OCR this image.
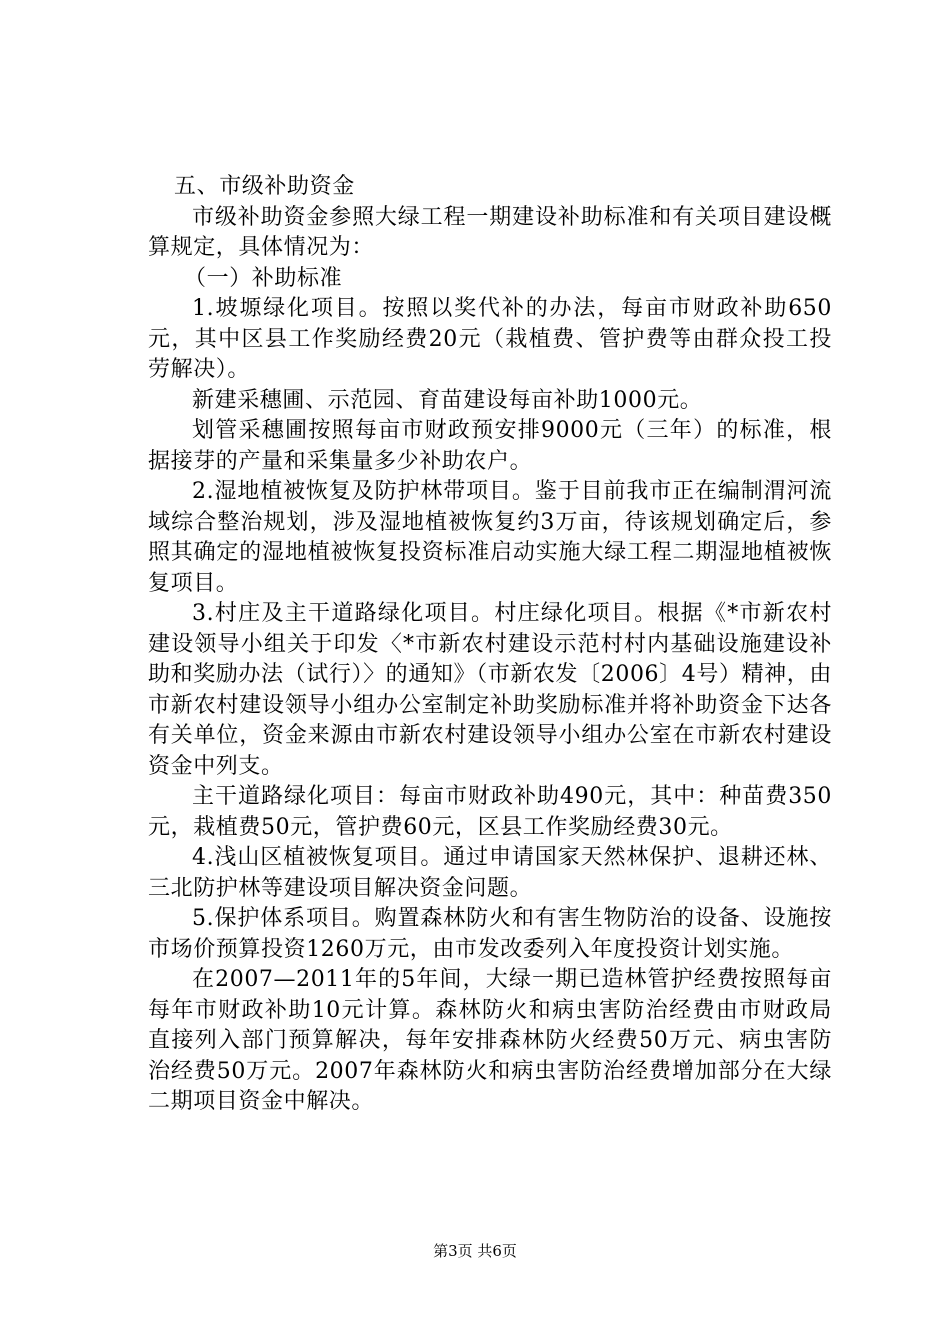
五、市级补助资金

市级补助资金参照大绿工程一期建设补助标准和有关项目建设概算规定，具体情况为：

（一）补助标准

1.坡塬绿化项目。按照以奖代补的办法，每亩市财政补助650元，其中区县工作奖励经费20元（栽植费、管护费等由群众投工投劳解决）。

新建采穗圃、示范园、育苗建设每亩补助1000元。

划管采穗圃按照每亩市财政预安排9000元（三年）的标准，根据接芽的产量和采集量多少补助农户。

2.湿地植被恢复及防护林带项目。鉴于目前我市正在编制渭河流域综合整治规划，涉及湿地植被恢复约3万亩，待该规划确定后，参照其确定的湿地植被恢复投资标准启动实施大绿工程二期湿地植被恢复项目。

3.村庄及主干道路绿化项目。村庄绿化项目。根据《*市新农村建设领导小组关于印发〈*市新农村建设示范村村内基础设施建设补助和奖励办法（试行）〉的通知》（市新农发〔2006〕4号）精神，由市新农村建设领导小组办公室制定补助奖励标准并将补助资金下达各有关单位，资金来源由市新农村建设领导小组办公室在市新农村建设资金中列支。

主干道路绿化项目：每亩市财政补助490元，其中：种苗费350元，栽植费50元，管护费60元，区县工作奖励经费30元。

4.浅山区植被恢复项目。通过申请国家天然林保护、退耕还林、三北防护林等建设项目解决资金问题。

5.保护体系项目。购置森林防火和有害生物防治的设备、设施按市场价预算投资1260万元，由市发改委列入年度投资计划实施。

在2007—2011年的5年间，大绿一期已造林管护经费按照每亩每年市财政补助10元计算。森林防火和病虫害防治经费由市财政局直接列入部门预算解决，每年安排森林防火经费50万元、病虫害防治经费50万元。2007年森林防火和病虫害防治经费增加部分在大绿二期项目资金中解决。

第3页 共6页
